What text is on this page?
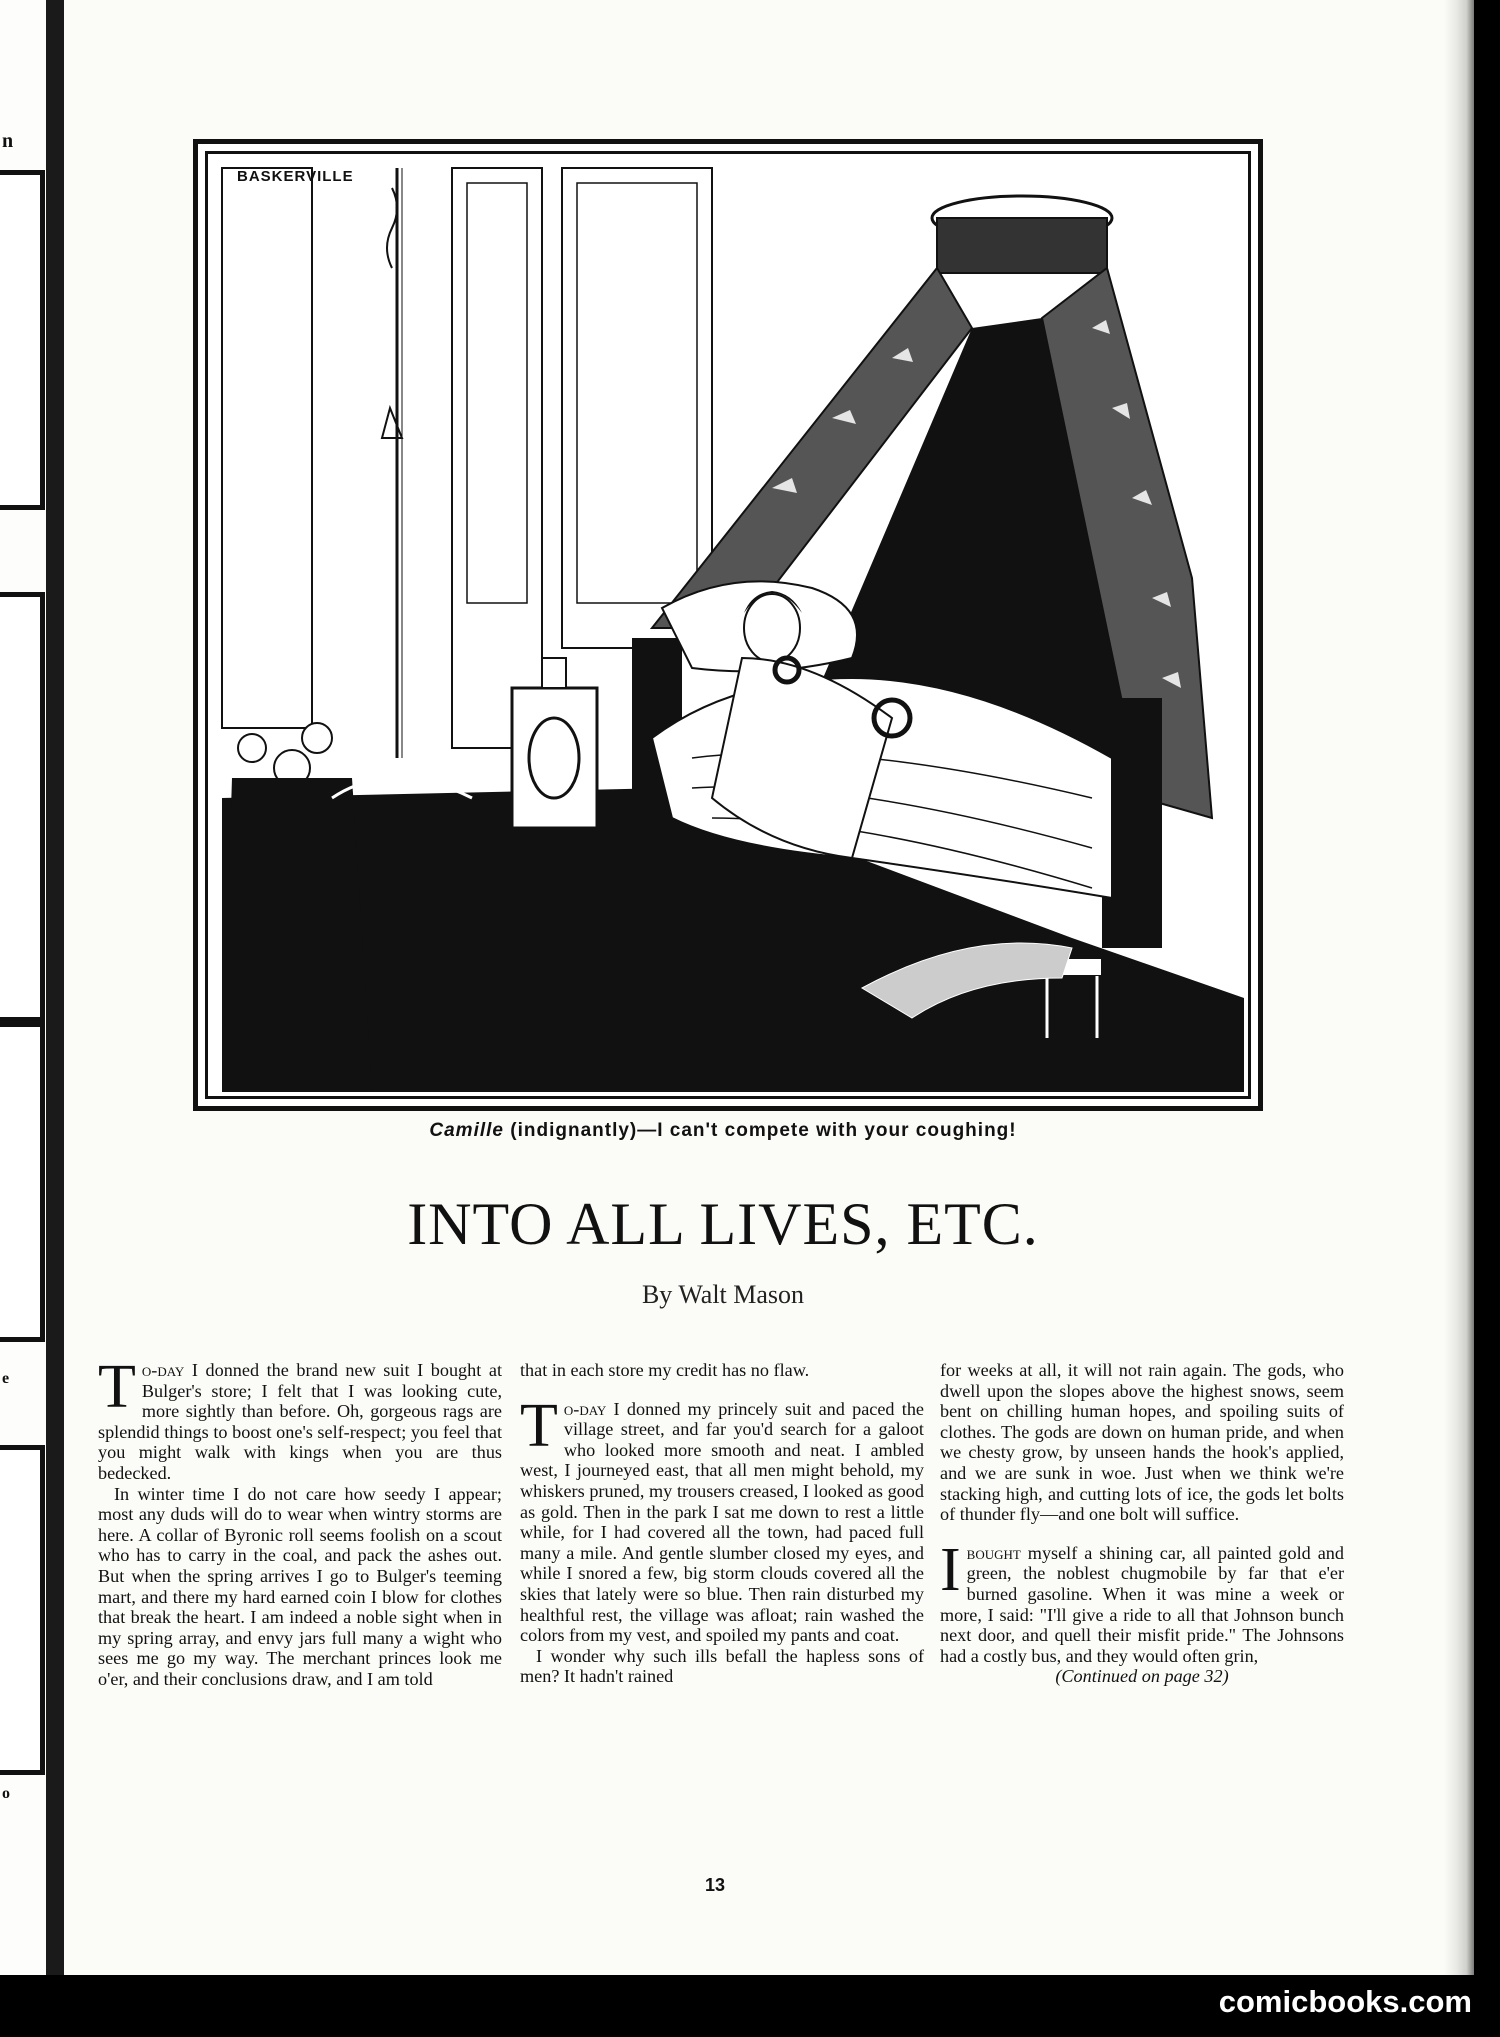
n
e
o
BASKERVILLE
Camille (indignantly)—I can't compete with your coughing!
INTO ALL LIVES, ETC.
By Walt Mason

To-day I donned the brand new suit I bought at Bulger's store; I felt that I was looking cute, more sightly than before. Oh, gorgeous rags are splendid things to boost one's self-respect; you feel that you might walk with kings when you are thus bedecked.

In winter time I do not care how seedy I appear; most any duds will do to wear when wintry storms are here. A collar of Byronic roll seems foolish on a scout who has to carry in the coal, and pack the ashes out. But when the spring arrives I go to Bulger's teeming mart, and there my hard earned coin I blow for clothes that break the heart. I am indeed a noble sight when in my spring array, and envy jars full many a wight who sees me go my way. The merchant princes look me o'er, and their conclusions draw, and I am told

that in each store my credit has no flaw.

To-day I donned my princely suit and paced the village street, and far you'd search for a galoot who looked more smooth and neat. I ambled west, I journeyed east, that all men might behold, my whiskers pruned, my trousers creased, I looked as good as gold. Then in the park I sat me down to rest a little while, for I had covered all the town, had paced full many a mile. And gentle slumber closed my eyes, and while I snored a few, big storm clouds covered all the skies that lately were so blue. Then rain disturbed my healthful rest, the village was afloat; rain washed the colors from my vest, and spoiled my pants and coat.

I wonder why such ills befall the hapless sons of men? It hadn't rained

for weeks at all, it will not rain again. The gods, who dwell upon the slopes above the highest snows, seem bent on chilling human hopes, and spoiling suits of clothes. The gods are down on human pride, and when we chesty grow, by unseen hands the hook's applied, and we are sunk in woe. Just when we think we're stacking high, and cutting lots of ice, the gods let bolts of thunder fly—and one bolt will suffice.

Ibought myself a shining car, all painted gold and green, the noblest chugmobile by far that e'er burned gasoline. When it was mine a week or more, I said: "I'll give a ride to all that Johnson bunch next door, and quell their misfit pride." The Johnsons had a costly bus, and they would often grin,

(Continued on page 32)

13
comicbooks.com
